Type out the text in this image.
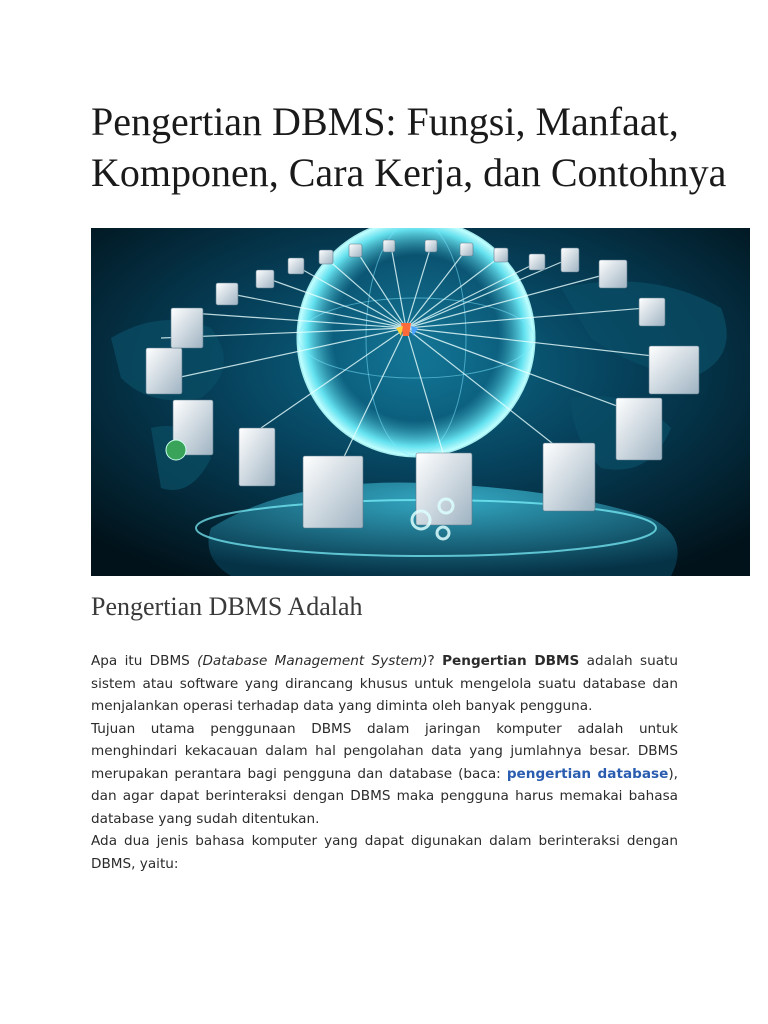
Pengertian DBMS: Fungsi, Manfaat, Komponen, Cara Kerja, dan Contohnya
Pengertian DBMS Adalah

Apa itu DBMS (Database Management System)? Pengertian DBMS adalah suatu sistem atau software yang dirancang khusus untuk mengelola suatu database dan menjalankan operasi terhadap data yang diminta oleh banyak pengguna.

Tujuan utama penggunaan DBMS dalam jaringan komputer adalah untuk menghindari kekacauan dalam hal pengolahan data yang jumlahnya besar. DBMS merupakan perantara bagi pengguna dan database (baca: pengertian database), dan agar dapat berinteraksi dengan DBMS maka pengguna harus memakai bahasa database yang sudah ditentukan.

Ada dua jenis bahasa komputer yang dapat digunakan dalam berinteraksi dengan DBMS, yaitu:
